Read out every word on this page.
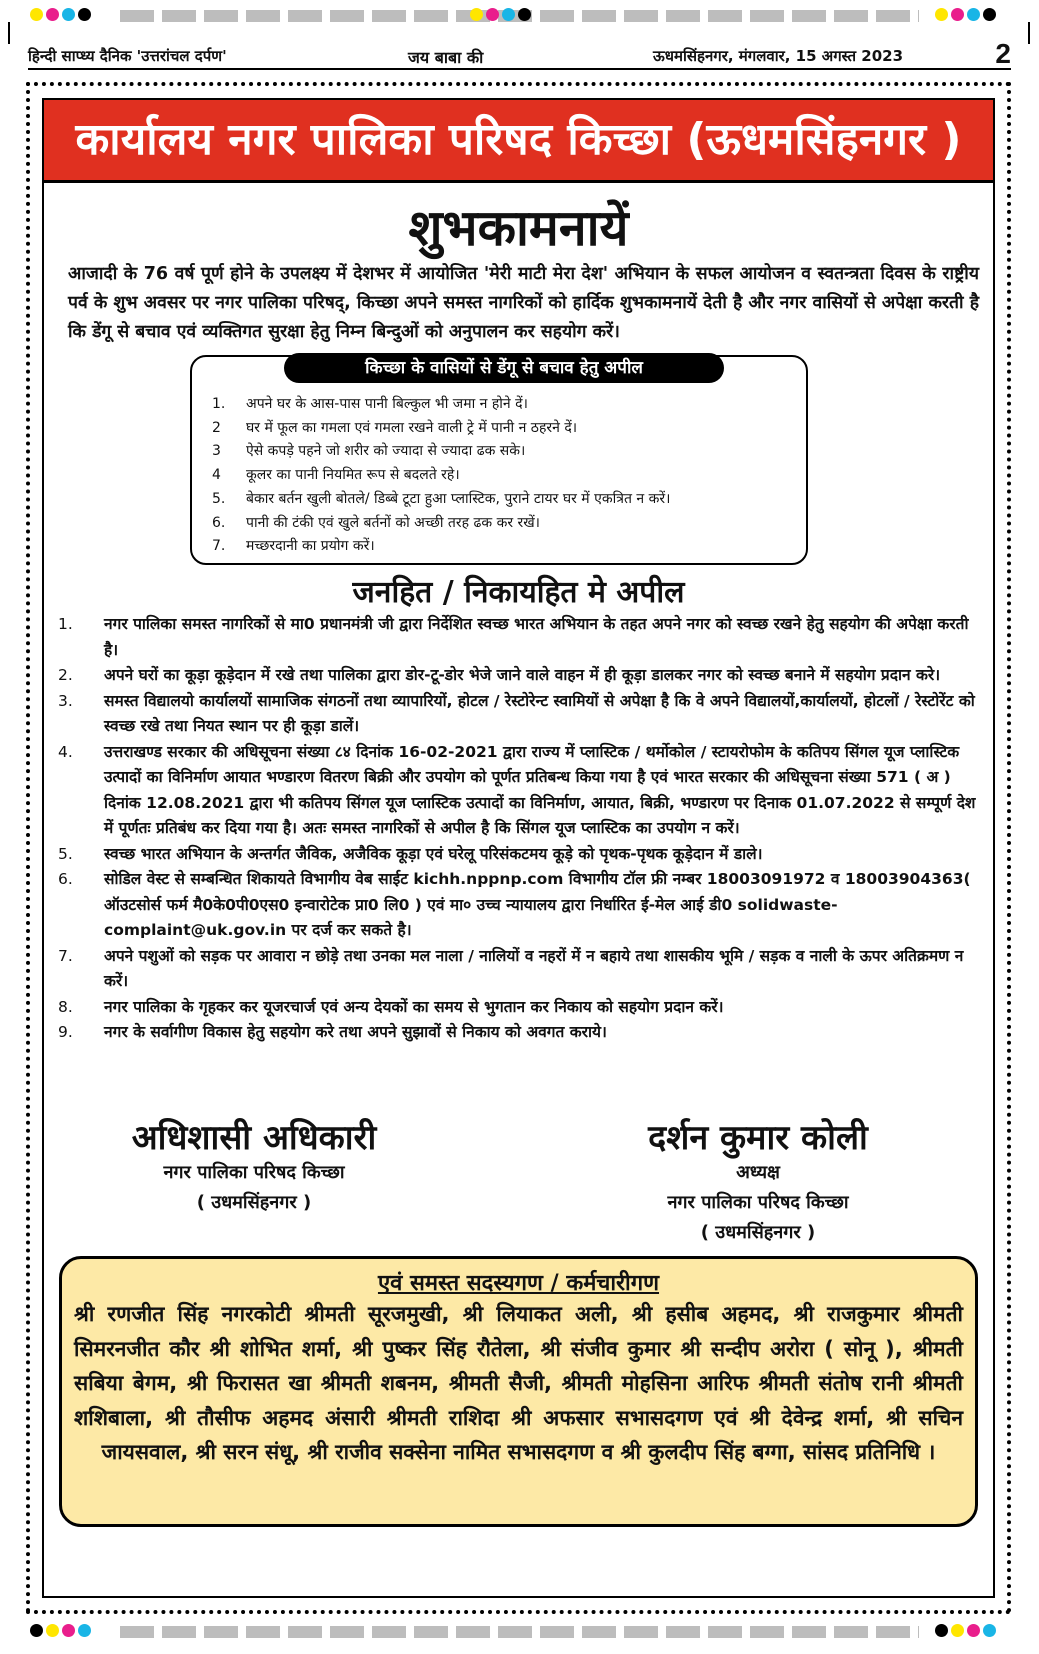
हिन्दी साप्ध्य दैनिक 'उत्तरांचल दर्पण'	जय बाबा की	ऊधमसिंहनगर, मंगलवार, 15 अगस्त 2023	2
कार्यालय नगर पालिका परिषद किच्छा (ऊधमसिंहनगर )
शुभकामनायें
आजादी के 76 वर्ष पूर्ण होने के उपलक्ष्य में देशभर में आयोजित 'मेरी माटी मेरा देश' अभियान के सफल आयोजन व स्वतन्त्रता दिवस के राष्ट्रीय पर्व के शुभ अवसर पर नगर पालिका परिषद्, किच्छा अपने समस्त नागरिकों को हार्दिक शुभकामनायें देती है और नगर वासियों से अपेक्षा करती है कि डेंगू से बचाव एवं व्यक्तिगत सुरक्षा हेतु निम्न बिन्दुओं को अनुपालन कर सहयोग करें।
किच्छा के वासियों से डेंगू से बचाव हेतु अपील
1. अपने घर के आस-पास पानी बिल्कुल भी जमा न होने दें।
2 घर में फूल का गमला एवं गमला रखने वाली ट्रे में पानी न ठहरने दें।
3 ऐसे कपड़े पहने जो शरीर को ज्यादा से ज्यादा ढक सके।
4 कूलर का पानी नियमित रूप से बदलते रहे।
5. बेकार बर्तन खुली बोतले/ डिब्बे टूटा हुआ प्लास्टिक, पुराने टायर घर में एकत्रित न करें।
6. पानी की टंकी एवं खुले बर्तनों को अच्छी तरह ढक कर रखें।
7. मच्छरदानी का प्रयोग करें।
जनहित / निकायहित मे अपील
1. नगर पालिका समस्त नागरिकों से मा0 प्रधानमंत्री जी द्वारा निर्देशित स्वच्छ भारत अभियान के तहत अपने नगर को स्वच्छ रखने हेतु सहयोग की अपेक्षा करती है।
2. अपने घरों का कूड़ा कूड़ेदान में रखे तथा पालिका द्वारा डोर-टू-डोर भेजे जाने वाले वाहन में ही कूड़ा डालकर नगर को स्वच्छ बनाने में सहयोग प्रदान करे।
3. समस्त विद्यालयो कार्यालयों सामाजिक संगठनों तथा व्यापारियों, होटल / रेस्टोरेन्ट स्वामियों से अपेक्षा है कि वे अपने विद्यालयों,कार्यालयों, होटलों / रेस्टोरेंट को स्वच्छ रखे तथा नियत स्थान पर ही कूड़ा डालें।
4. उत्तराखण्ड सरकार की अधिसूचना संख्या ८४ दिनांक 16-02-2021 द्वारा राज्य में प्लास्टिक / थर्मोकोल / स्टायरोफोम के कतिपय सिंगल यूज प्लास्टिक उत्पादों का विनिर्माण आयात भण्डारण वितरण बिक्री और उपयोग को पूर्णत प्रतिबन्ध किया गया है एवं भारत सरकार की अधिसूचना संख्या 571 ( अ ) दिनांक 12.08.2021 द्वारा भी कतिपय सिंगल यूज प्लास्टिक उत्पादों का विनिर्माण, आयात, बिक्री, भण्डारण पर दिनाक 01.07.2022 से सम्पूर्ण देश में पूर्णतः प्रतिबंध कर दिया गया है। अतः समस्त नागरिकों से अपील है कि सिंगल यूज प्लास्टिक का उपयोग न करें।
5. स्वच्छ भारत अभियान के अन्तर्गत जैविक, अजैविक कूड़ा एवं घरेलू परिसंकटमय कूड़े को पृथक-पृथक कूड़ेदान में डाले।
6. सोडिल वेस्ट से सम्बन्धित शिकायते विभागीय वेब साईट kichh.nppnp.com विभागीय टॉल फ्री नम्बर 18003091972 व 18003904363( ऑउटसोर्स फर्म मै0के0पी0एस0 इन्वारोटेक प्रा0 लि0 ) एवं मा० उच्च न्यायालय द्वारा निर्धारित ई-मेल आई डी0 solidwaste-complaint@uk.gov.in पर दर्ज कर सकते है।
7. अपने पशुओं को सड़क पर आवारा न छोड़े तथा उनका मल नाला / नालियों व नहरों में न बहाये तथा शासकीय भूमि / सड़क व नाली के ऊपर अतिक्रमण न करें।
8. नगर पालिका के गृहकर कर यूजरचार्ज एवं अन्य देयकों का समय से भुगतान कर निकाय को सहयोग प्रदान करें।
9. नगर के सर्वागीण विकास हेतु सहयोग करे तथा अपने सुझावों से निकाय को अवगत कराये।
अधिशासी अधिकारी
नगर पालिका परिषद किच्छा
( उधमसिंहनगर )
दर्शन कुमार कोली
अध्यक्ष
नगर पालिका परिषद किच्छा
( उधमसिंहनगर )
एवं समस्त सदस्यगण / कर्मचारीगण
श्री रणजीत सिंह नगरकोटी श्रीमती सूरजमुखी, श्री लियाकत अली, श्री हसीब अहमद, श्री राजकुमार श्रीमती सिमरनजीत कौर श्री शोभित शर्मा, श्री पुष्कर सिंह रौतेला, श्री संजीव कुमार श्री सन्दीप अरोरा ( सोनू ), श्रीमती सबिया बेगम, श्री फिरासत खा श्रीमती शबनम, श्रीमती सैजी, श्रीमती मोहसिना आरिफ श्रीमती संतोष रानी श्रीमती शशिबाला, श्री तौसीफ अहमद अंसारी श्रीमती राशिदा श्री अफसार सभासदगण एवं श्री देवेन्द्र शर्मा, श्री सचिन जायसवाल, श्री सरन संधू, श्री राजीव सक्सेना नामित सभासदगण व श्री कुलदीप सिंह बग्गा, सांसद प्रतिनिधि ।
